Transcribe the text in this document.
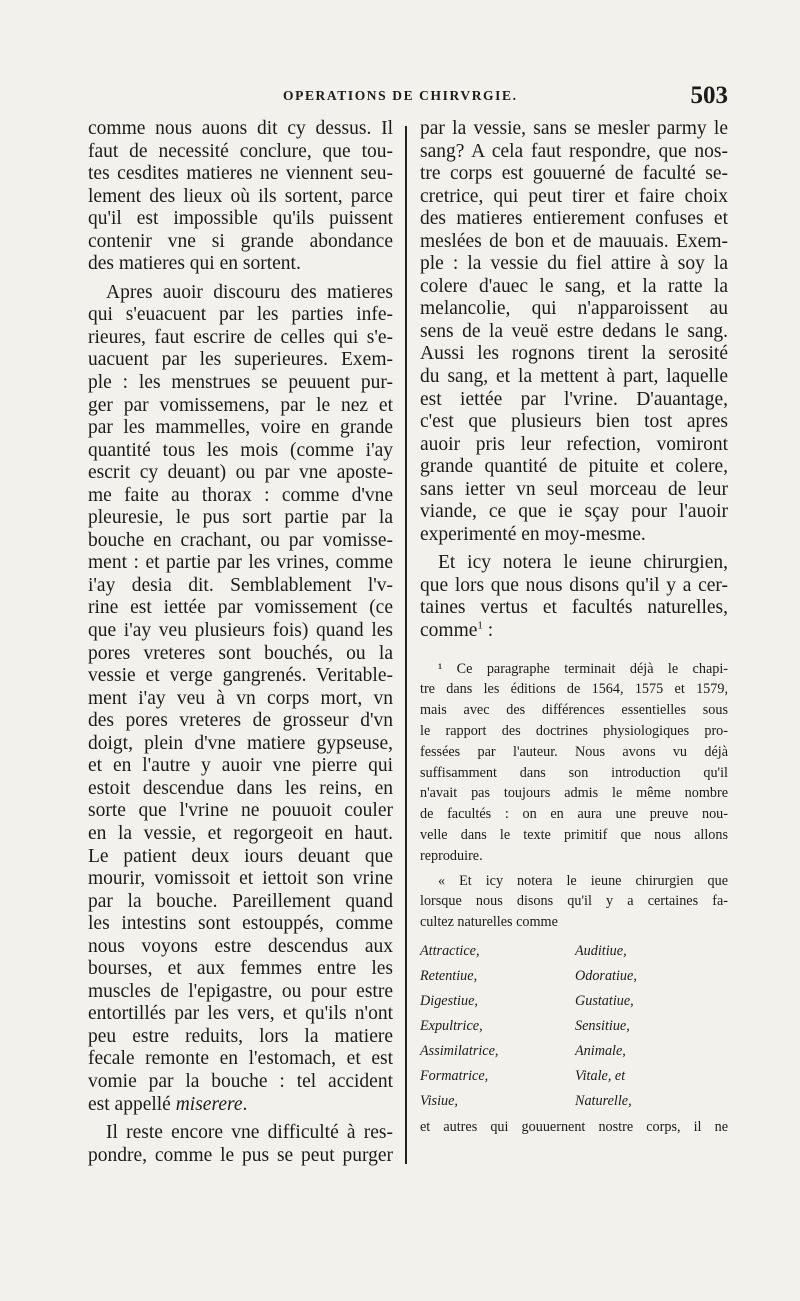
OPERATIONS DE CHIRVRGIE.	503
comme nous auons dit cy dessus. Il
faut de necessité conclure, que tou-
tes cesdites matieres ne viennent seu-
lement des lieux où ils sortent, parce
qu'il est impossible qu'ils puissent
contenir vne si grande abondance
des matieres qui en sortent.
Apres auoir discouru des matieres
qui s'euacuent par les parties infe-
rieures, faut escrire de celles qui s'e-
uacuent par les superieures. Exem-
ple : les menstrues se peuuent pur-
ger par vomissemens, par le nez et
par les mammelles, voire en grande
quantité tous les mois (comme i'ay
escrit cy deuant) ou par vne aposte-
me faite au thorax : comme d'vne
pleuresie, le pus sort partie par la
bouche en crachant, ou par vomisse-
ment : et partie par les vrines, comme
i'ay desia dit. Semblablement l'v-
rine est iettée par vomissement (ce
que i'ay veu plusieurs fois) quand les
pores vreteres sont bouchés, ou la
vessie et verge gangrenés. Veritable-
ment i'ay veu à vn corps mort, vn
des pores vreteres de grosseur d'vn
doigt, plein d'vne matiere gypseuse,
et en l'autre y auoir vne pierre qui
estoit descendue dans les reins, en
sorte que l'vrine ne pouuoit couler
en la vessie, et regorgeoit en haut.
Le patient deux iours deuant que
mourir, vomissoit et iettoit son vrine
par la bouche. Pareillement quand
les intestins sont estouppés, comme
nous voyons estre descendus aux
bourses, et aux femmes entre les
muscles de l'epigastre, ou pour estre
entortillés par les vers, et qu'ils n'ont
peu estre reduits, lors la matiere
fecale remonte en l'estomach, et est
vomie par la bouche : tel accident
est appellé miserere.
Il reste encore vne difficulté à res-
pondre, comme le pus se peut purger
par la vessie, sans se mesler parmy le
sang? A cela faut respondre, que nos-
tre corps est gouuerné de faculté se-
cretrice, qui peut tirer et faire choix
des matieres entierement confuses et
meslées de bon et de mauuais. Exem-
ple : la vessie du fiel attire à soy la
colere d'auec le sang, et la ratte la
melancolie, qui n'apparoissent au
sens de la veuë estre dedans le sang.
Aussi les rognons tirent la serosité
du sang, et la mettent à part, laquelle
est iettée par l'vrine. D'auantage,
c'est que plusieurs bien tost apres
auoir pris leur refection, vomiront
grande quantité de pituite et colere,
sans ietter vn seul morceau de leur
viande, ce que ie sçay pour l'auoir
experimenté en moy-mesme.
Et icy notera le ieune chirurgien,
que lors que nous disons qu'il y a cer-
taines vertus et facultés naturelles,
comme$^1$ :
¹ Ce paragraphe terminait déjà le chapi-
tre dans les éditions de 1564, 1575 et 1579,
mais avec des différences essentielles sous
le rapport des doctrines physiologiques pro-
fessées par l'auteur. Nous avons vu déjà
suffisamment dans son introduction qu'il
n'avait pas toujours admis le même nombre
de facultés : on en aura une preuve nou-
velle dans le texte primitif que nous allons
reproduire.
« Et icy notera le ieune chirurgien que
lorsque nous disons qu'il y a certaines fa-
cultez naturelles comme
Attractice,
Retentiue,
Digestiue,
Expultrice,
Assimilatrice,
Formatrice,
Visiue,
Auditiue,
Odoratiue,
Gustatiue,
Sensitiue,
Animale,
Vitale, et
Naturelle,
et autres qui gouuernent nostre corps, il ne
